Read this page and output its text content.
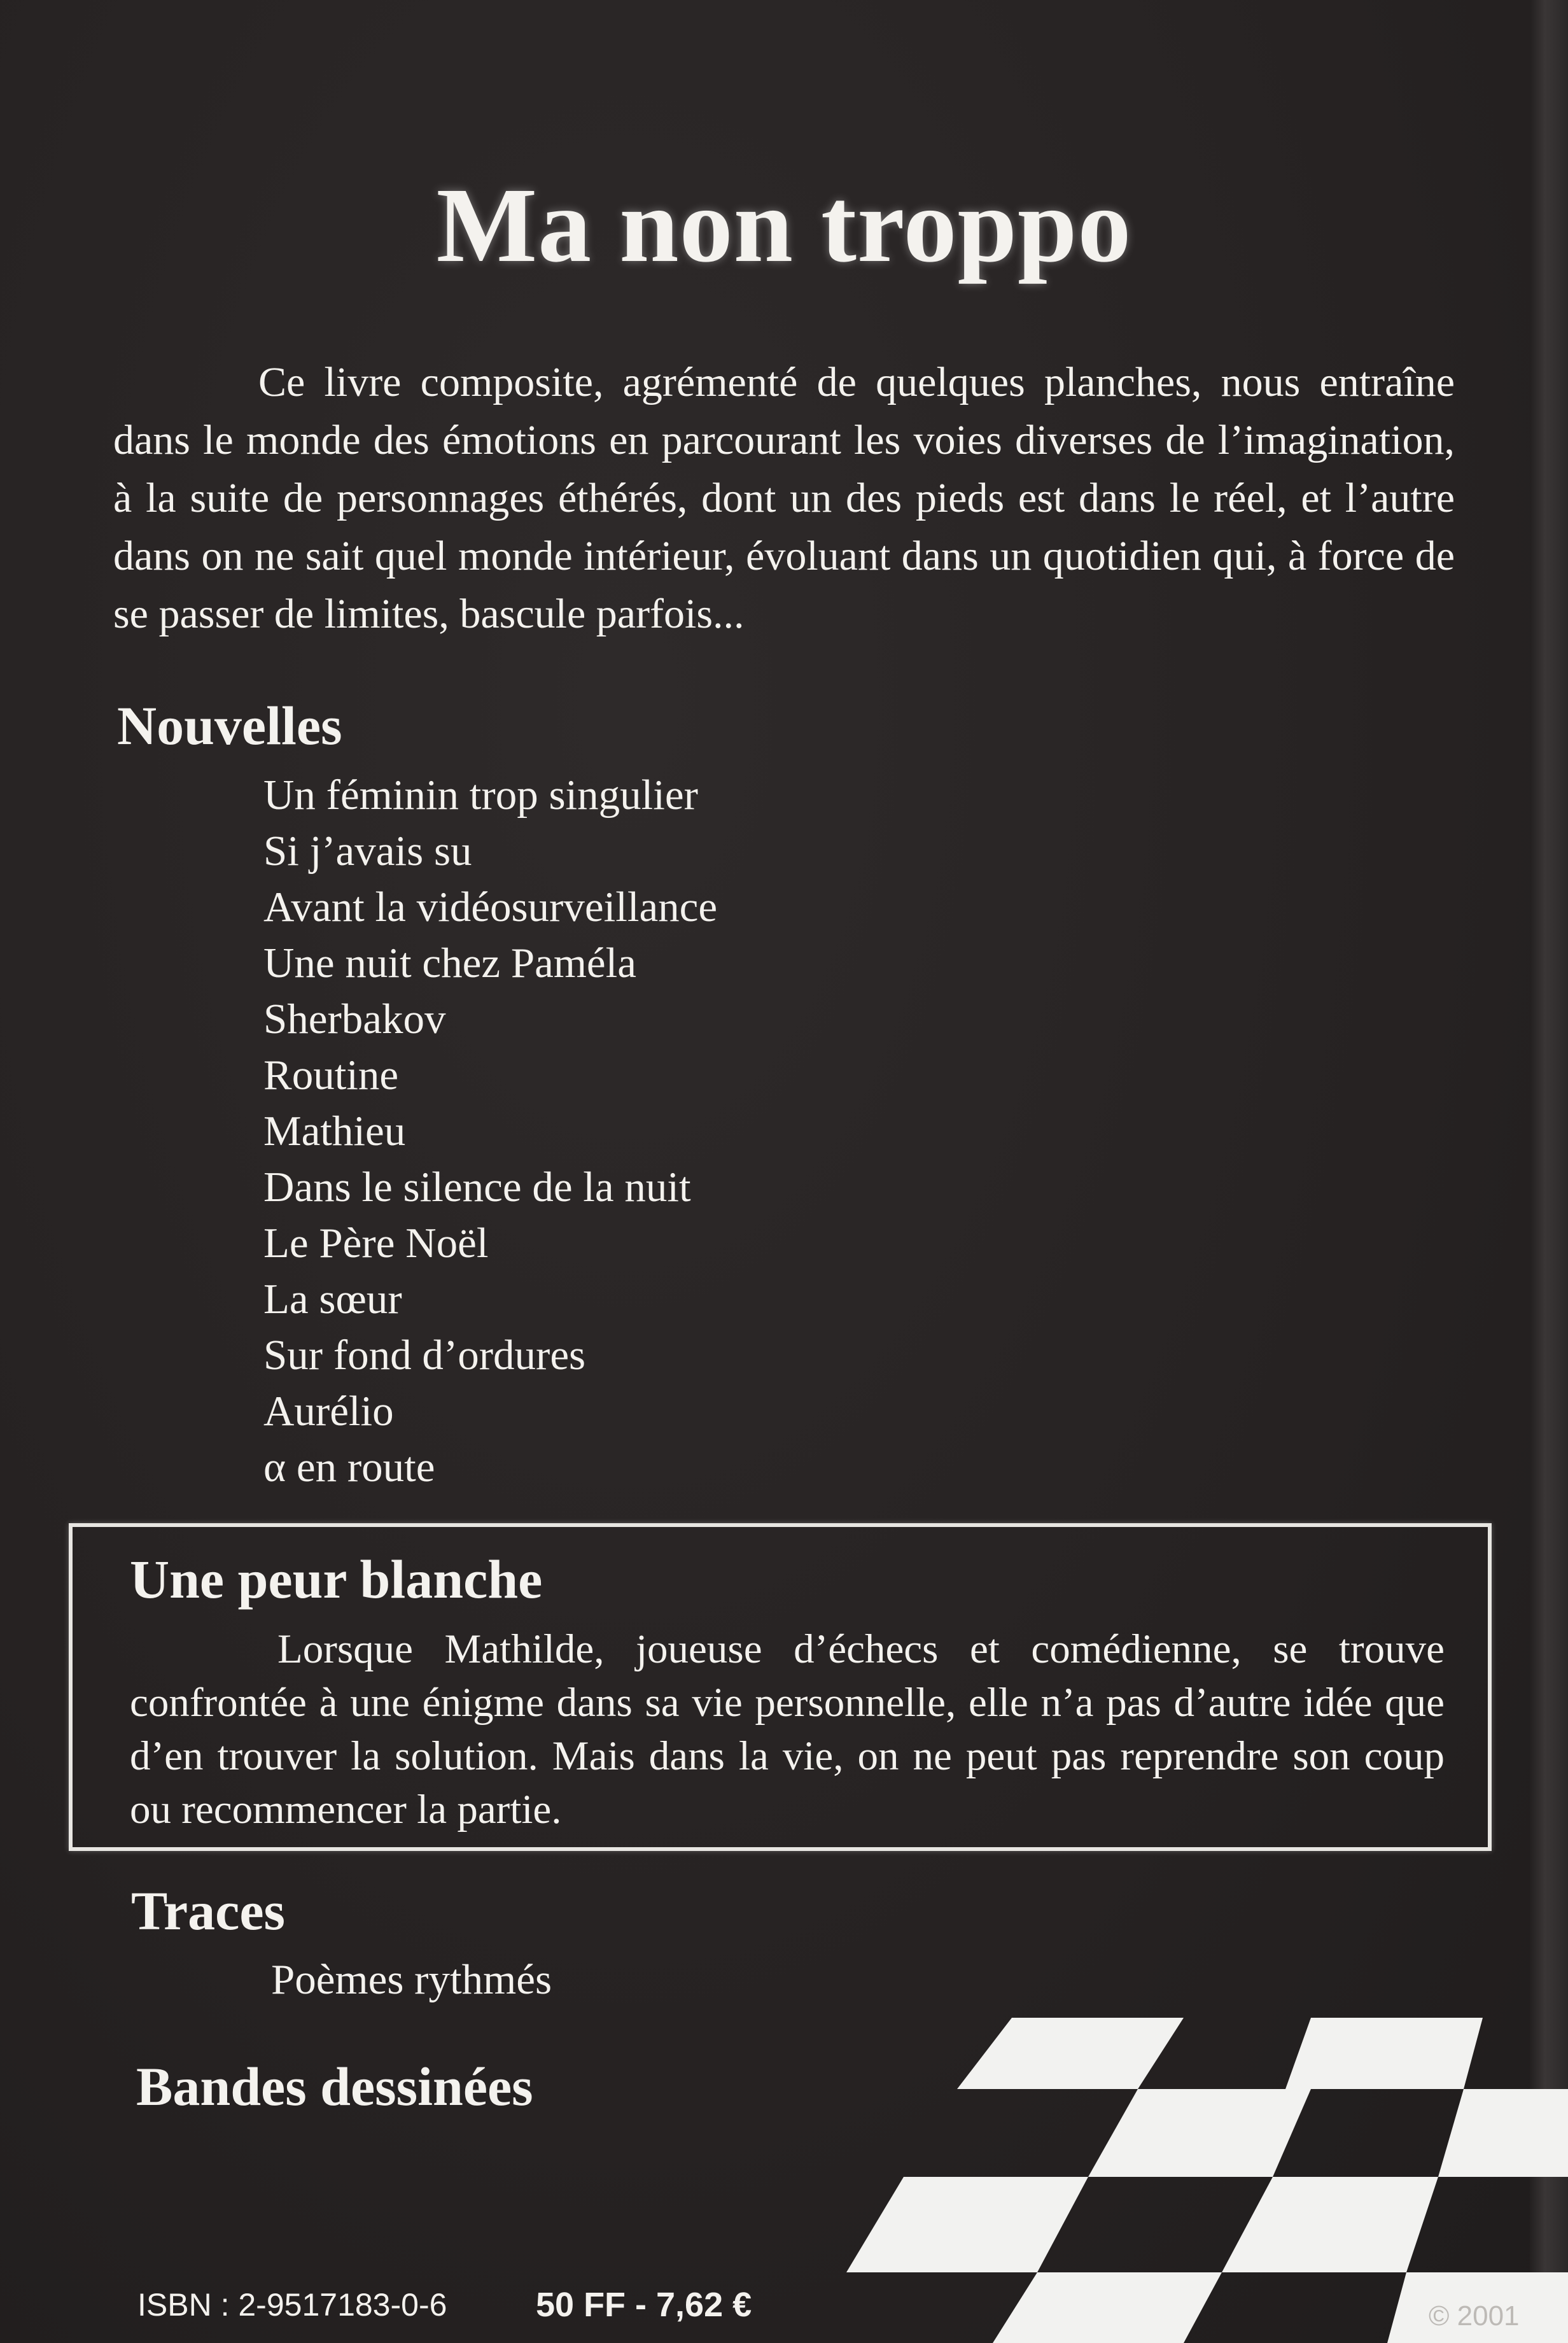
Ma non troppo

Ce livre composite, agrémenté de quelques planches, nous entraîne dans le monde des émotions en parcourant les voies diverses de l’imagination, à la suite de personnages éthérés, dont un des pieds est dans le réel, et l’autre dans on ne sait quel monde intérieur, évoluant dans un quotidien qui, à force de se passer de limites, bascule parfois...

Nouvelles
Un féminin trop singulier
Si j’avais su
Avant la vidéosurveillance
Une nuit chez Paméla
Sherbakov
Routine
Mathieu
Dans le silence de la nuit
Le Père Noël
La sœur
Sur fond d’ordures
Aurélio
α en route
Une peur blanche

Lorsque Mathilde, joueuse d’échecs et comédienne, se trouve confrontée à une énigme dans sa vie personnelle, elle n’a pas d’autre idée que d’en trouver la solution. Mais dans la vie, on ne peut pas reprendre son coup ou recommencer la partie.

Traces

Poèmes rythmés

Bandes dessinées

ISBN : 2-9517183-0-6	50 FF - 7,62 €	© 2001
